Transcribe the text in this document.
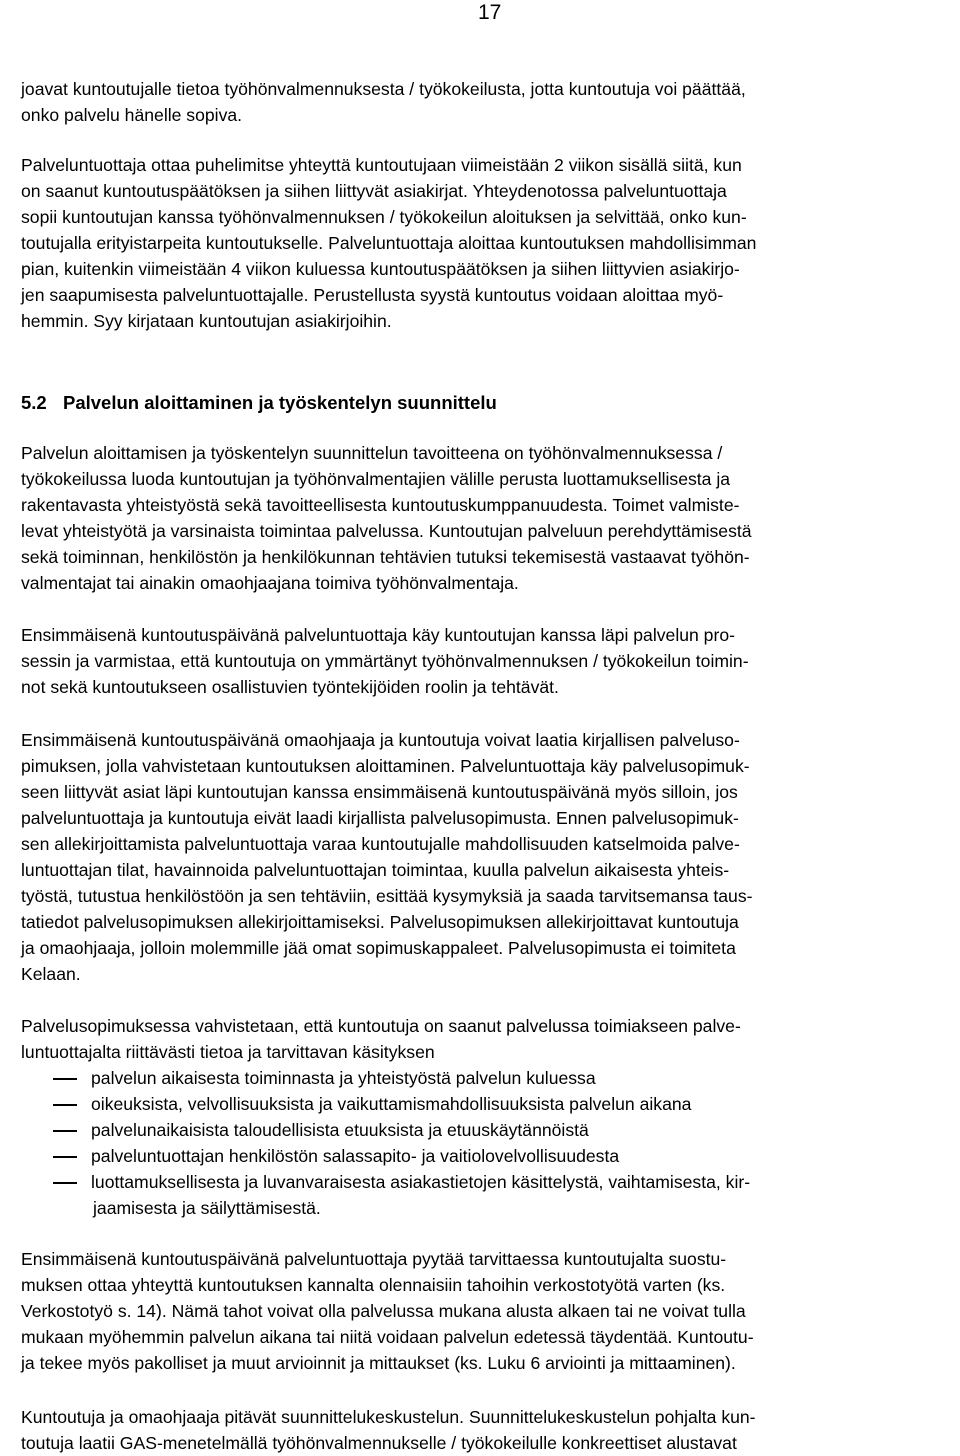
17
joavat kuntoutujalle tietoa työhönvalmennuksesta / työkokeilusta, jotta kuntoutuja voi päättää,
onko palvelu hänelle sopiva.
Palveluntuottaja ottaa puhelimitse yhteyttä kuntoutujaan viimeistään 2 viikon sisällä siitä, kun
on saanut kuntoutuspäätöksen ja siihen liittyvät asiakirjat. Yhteydenotossa palveluntuottaja
sopii kuntoutujan kanssa työhönvalmennuksen / työkokeilun aloituksen ja selvittää, onko kun-
toutujalla erityistarpeita kuntoutukselle. Palveluntuottaja aloittaa kuntoutuksen mahdollisimman
pian, kuitenkin viimeistään 4 viikon kuluessa kuntoutuspäätöksen ja siihen liittyvien asiakirjo-
jen saapumisesta palveluntuottajalle. Perustellusta syystä kuntoutus voidaan aloittaa myö-
hemmin. Syy kirjataan kuntoutujan asiakirjoihin.
5.2 Palvelun aloittaminen ja työskentelyn suunnittelu
Palvelun aloittamisen ja työskentelyn suunnittelun tavoitteena on työhönvalmennuksessa /
työkokeilussa luoda kuntoutujan ja työhönvalmentajien välille perusta luottamuksellisesta ja
rakentavasta yhteistyöstä sekä tavoitteellisesta kuntoutuskumppanuudesta. Toimet valmiste-
levat yhteistyötä ja varsinaista toimintaa palvelussa. Kuntoutujan palveluun perehdyttämisestä
sekä toiminnan, henkilöstön ja henkilökunnan tehtävien tutuksi tekemisestä vastaavat työhön-
valmentajat tai ainakin omaohjaajana toimiva työhönvalmentaja.
Ensimmäisenä kuntoutuspäivänä palveluntuottaja käy kuntoutujan kanssa läpi palvelun pro-
sessin ja varmistaa, että kuntoutuja on ymmärtänyt työhönvalmennuksen / työkokeilun toimin-
not sekä kuntoutukseen osallistuvien työntekijöiden roolin ja tehtävät.
Ensimmäisenä kuntoutuspäivänä omaohjaaja ja kuntoutuja voivat laatia kirjallisen palveluso-
pimuksen, jolla vahvistetaan kuntoutuksen aloittaminen. Palveluntuottaja käy palvelusopimuk-
seen liittyvät asiat läpi kuntoutujan kanssa ensimmäisenä kuntoutuspäivänä myös silloin, jos
palveluntuottaja ja kuntoutuja eivät laadi kirjallista palvelusopimusta. Ennen palvelusopimuk-
sen allekirjoittamista palveluntuottaja varaa kuntoutujalle mahdollisuuden katselmoida palve-
luntuottajan tilat, havainnoida palveluntuottajan toimintaa, kuulla palvelun aikaisesta yhteis-
työstä, tutustua henkilöstöön ja sen tehtäviin, esittää kysymyksiä ja saada tarvitsemansa taus-
tatiedot palvelusopimuksen allekirjoittamiseksi. Palvelusopimuksen allekirjoittavat kuntoutuja
ja omaohjaaja, jolloin molemmille jää omat sopimuskappaleet. Palvelusopimusta ei toimiteta
Kelaan.
Palvelusopimuksessa vahvistetaan, että kuntoutuja on saanut palvelussa toimiakseen palve-
luntuottajalta riittävästi tietoa ja tarvittavan käsityksen
palvelun aikaisesta toiminnasta ja yhteistyöstä palvelun kuluessa
oikeuksista, velvollisuuksista ja vaikuttamismahdollisuuksista palvelun aikana
palvelunaikaisista taloudellisista etuuksista ja etuuskäytännöistä
palveluntuottajan henkilöstön salassapito- ja vaitiolovelvollisuudesta
luottamuksellisesta ja luvanvaraisesta asiakastietojen käsittelystä, vaihtamisesta, kir-
jaamisesta ja säilyttämisestä.
Ensimmäisenä kuntoutuspäivänä palveluntuottaja pyytää tarvittaessa kuntoutujalta suostu-
muksen ottaa yhteyttä kuntoutuksen kannalta olennaisiin tahoihin verkostotyötä varten (ks.
Verkostotyö s. 14). Nämä tahot voivat olla palvelussa mukana alusta alkaen tai ne voivat tulla
mukaan myöhemmin palvelun aikana tai niitä voidaan palvelun edetessä täydentää. Kuntoutu-
ja tekee myös pakolliset ja muut arvioinnit ja mittaukset (ks. Luku 6 arviointi ja mittaaminen).
Kuntoutuja ja omaohjaaja pitävät suunnittelukeskustelun. Suunnittelukeskustelun pohjalta kun-
toutuja laatii GAS-menetelmällä työhönvalmennukselle / työkokeilulle konkreettiset alustavat
